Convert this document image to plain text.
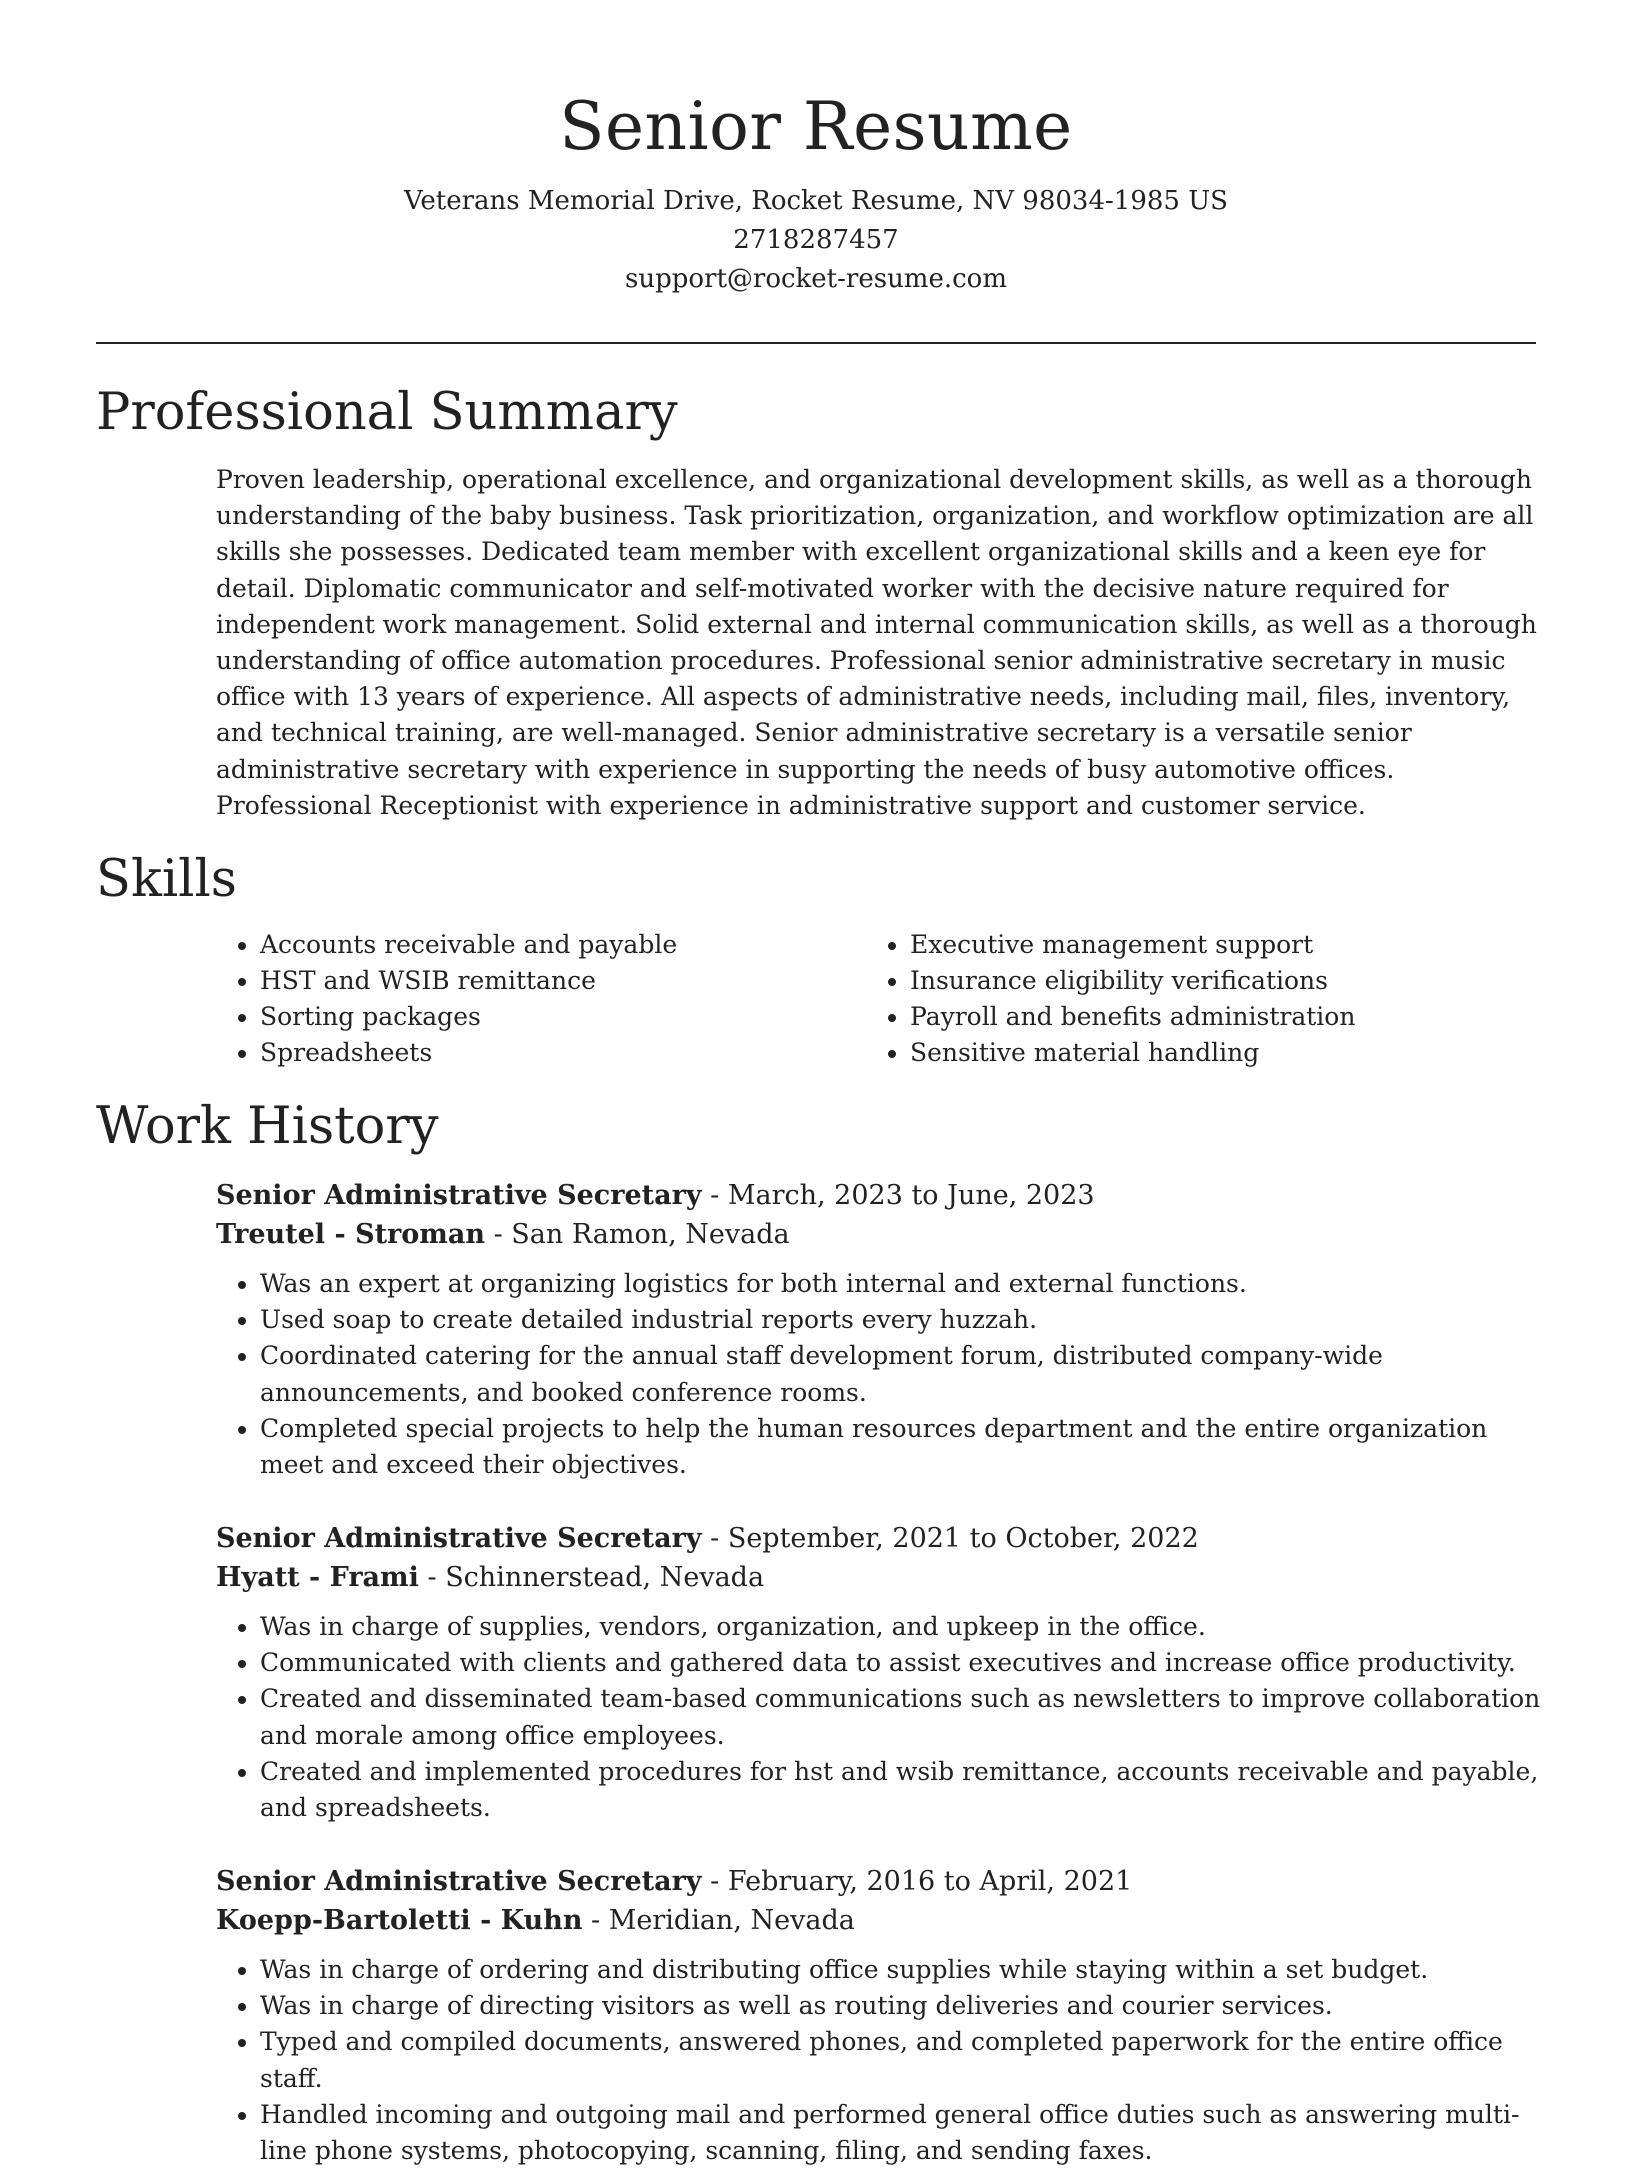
Senior Resume
Veterans Memorial Drive, Rocket Resume, NV 98034-1985 US
2718287457
support@rocket-resume.com
Professional Summary

Proven leadership, operational excellence, and organizational development skills, as well as a thorough understanding of the baby business. Task prioritization, organization, and workflow optimization are all skills she possesses. Dedicated team member with excellent organizational skills and a keen eye for detail. Diplomatic communicator and self-motivated worker with the decisive nature required for independent work management. Solid external and internal communication skills, as well as a thorough understanding of office automation procedures. Professional senior administrative secretary in music office with 13 years of experience. All aspects of administrative needs, including mail, files, inventory, and technical training, are well-managed. Senior administrative secretary is a versatile senior administrative secretary with experience in supporting the needs of busy automotive offices. Professional Receptionist with experience in administrative support and customer service.

Skills
• Accounts receivable and payable
• HST and WSIB remittance
• Sorting packages
• Spreadsheets
• Executive management support
• Insurance eligibility verifications
• Payroll and benefits administration
• Sensitive material handling
Work History
Senior Administrative Secretary - March, 2023 to June, 2023
Treutel - Stroman - San Ramon, Nevada
• Was an expert at organizing logistics for both internal and external functions.
• Used soap to create detailed industrial reports every huzzah.
• Coordinated catering for the annual staff development forum, distributed company-wide announcements, and booked conference rooms.
• Completed special projects to help the human resources department and the entire organization meet and exceed their objectives.
Senior Administrative Secretary - September, 2021 to October, 2022
Hyatt - Frami - Schinnerstead, Nevada
• Was in charge of supplies, vendors, organization, and upkeep in the office.
• Communicated with clients and gathered data to assist executives and increase office productivity.
• Created and disseminated team-based communications such as newsletters to improve collaboration and morale among office employees.
• Created and implemented procedures for hst and wsib remittance, accounts receivable and payable, and spreadsheets.
Senior Administrative Secretary - February, 2016 to April, 2021
Koepp-Bartoletti - Kuhn - Meridian, Nevada
• Was in charge of ordering and distributing office supplies while staying within a set budget.
• Was in charge of directing visitors as well as routing deliveries and courier services.
• Typed and compiled documents, answered phones, and completed paperwork for the entire office staff.
• Handled incoming and outgoing mail and performed general office duties such as answering multi-line phone systems, photocopying, scanning, filing, and sending faxes.
